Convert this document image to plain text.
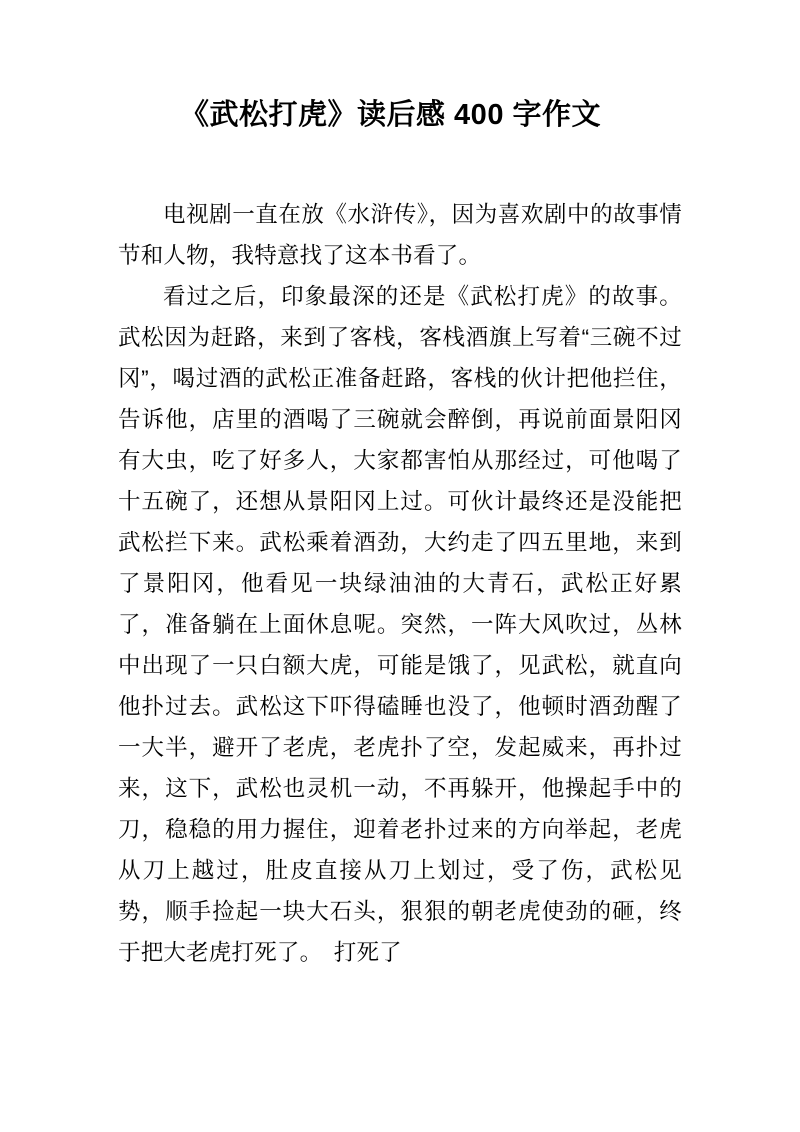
《武松打虎》读后感 400 字作文

电视剧一直在放《水浒传》，因为喜欢剧中的故事情节和人物，我特意找了这本书看了。

看过之后，印象最深的还是《武松打虎》的故事。武松因为赶路，来到了客栈，客栈酒旗上写着“三碗不过冈”，喝过酒的武松正准备赶路，客栈的伙计把他拦住，告诉他，店里的酒喝了三碗就会醉倒，再说前面景阳冈有大虫，吃了好多人，大家都害怕从那经过，可他喝了十五碗了，还想从景阳冈上过。可伙计最终还是没能把武松拦下来。武松乘着酒劲，大约走了四五里地，来到了景阳冈，他看见一块绿油油的大青石，武松正好累了，准备躺在上面休息呢。突然，一阵大风吹过，丛林中出现了一只白额大虎，可能是饿了，见武松，就直向他扑过去。武松这下吓得磕睡也没了，他顿时酒劲醒了一大半，避开了老虎，老虎扑了空，发起威来，再扑过来，这下，武松也灵机一动，不再躲开，他操起手中的刀，稳稳的用力握住，迎着老扑过来的方向举起，老虎从刀上越过，肚皮直接从刀上划过，受了伤，武松见势，顺手捡起一块大石头，狠狠的朝老虎使劲的砸，终于把大老虎打死了。　打死了
